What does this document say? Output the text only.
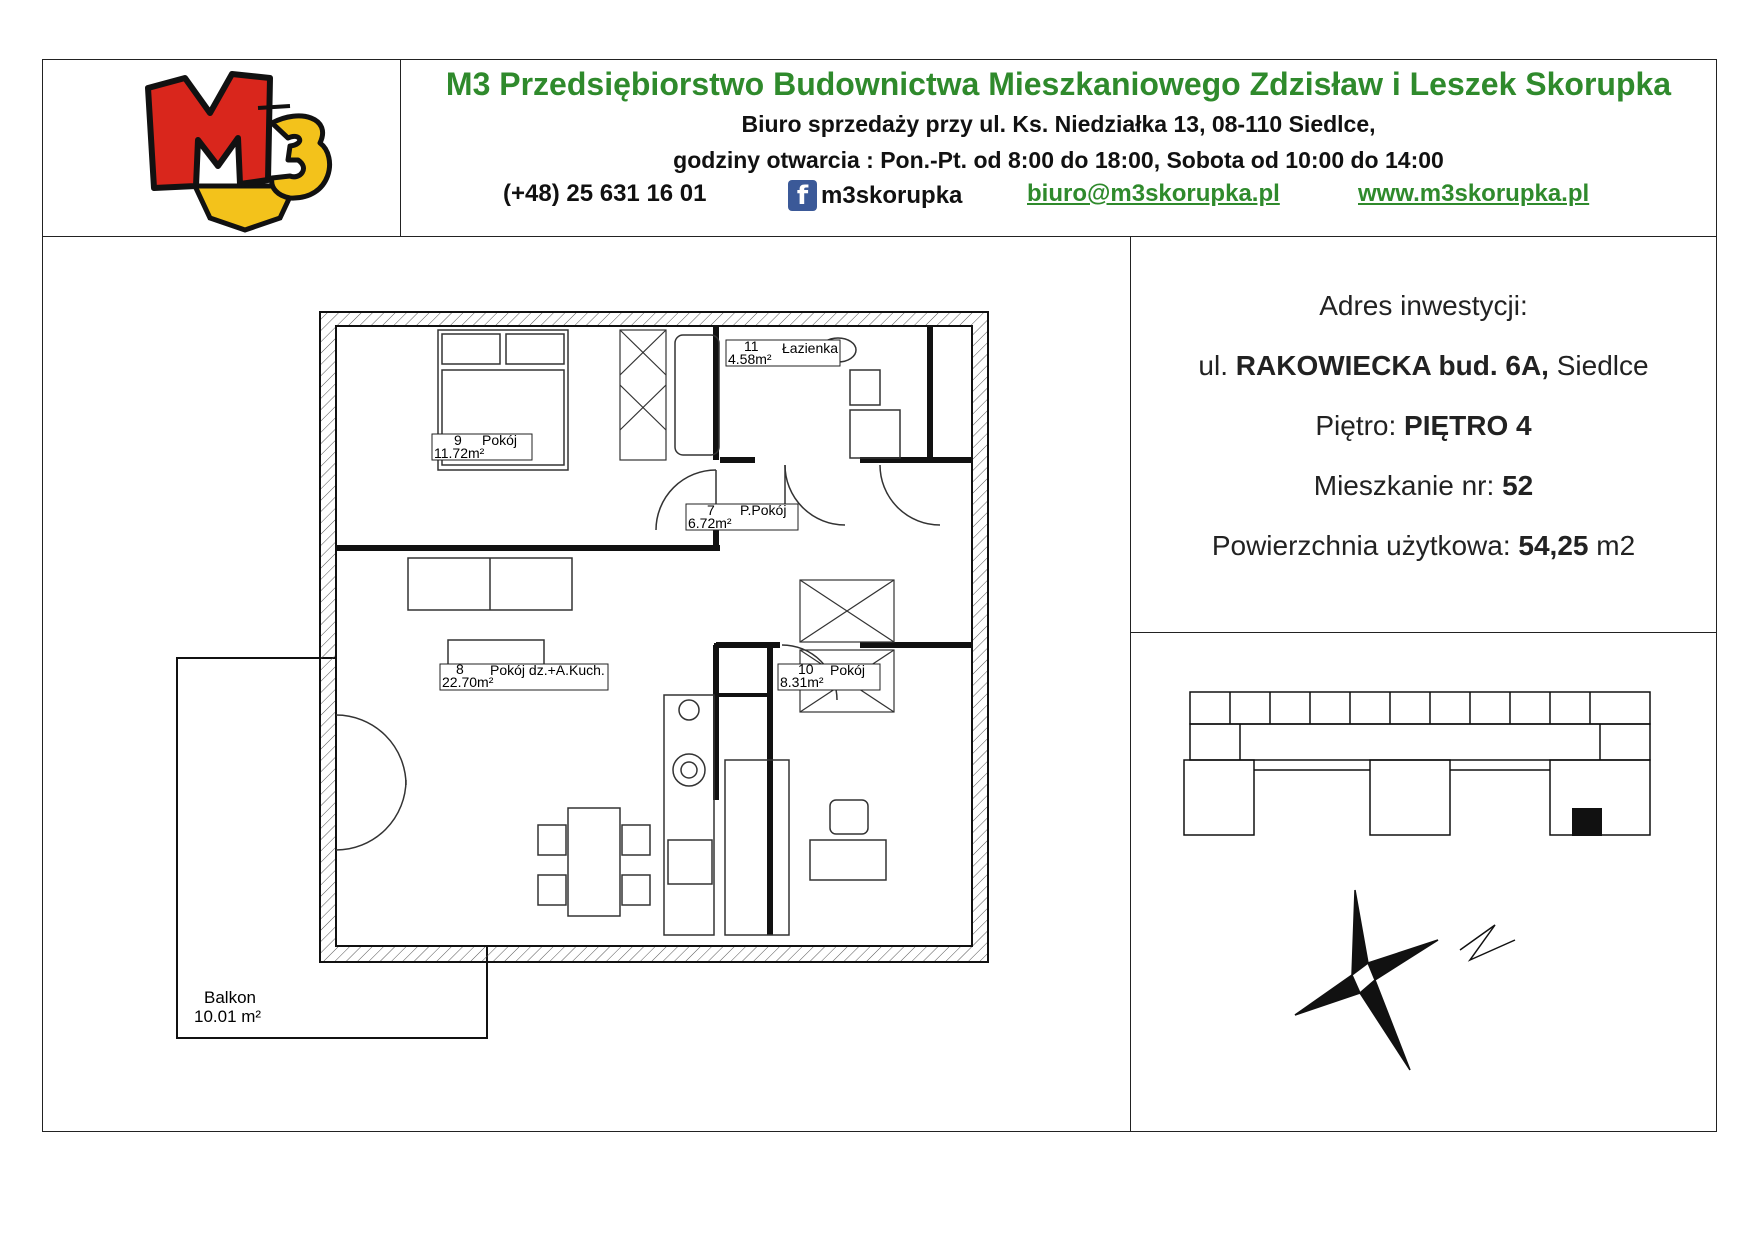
M3 Przedsiębiorstwo Budownictwa Mieszkaniowego Zdzisław i Leszek Skorupka
Biuro sprzedaży przy ul. Ks. Niedziałka 13, 08-110 Siedlce,
godziny otwarcia : Pon.-Pt. od 8:00 do 18:00, Sobota od 10:00 do 14:00
(+48) 25 631 16 01	f m3skorupka	biuro@m3skorupka.pl	www.m3skorupka.pl
9 Pokój
11.72m²
11 Łazienka
4.58m²
7 P.Pokój
6.72m²
8 Pokój dz.+A.Kuch.
22.70m²
10 Pokój
8.31m²
Balkon
10.01 m²
Adres inwestycji:
ul. RAKOWIECKA bud. 6A, Siedlce
Piętro: PIĘTRO 4
Mieszkanie nr: 52
Powierzchnia użytkowa: 54,25 m2
